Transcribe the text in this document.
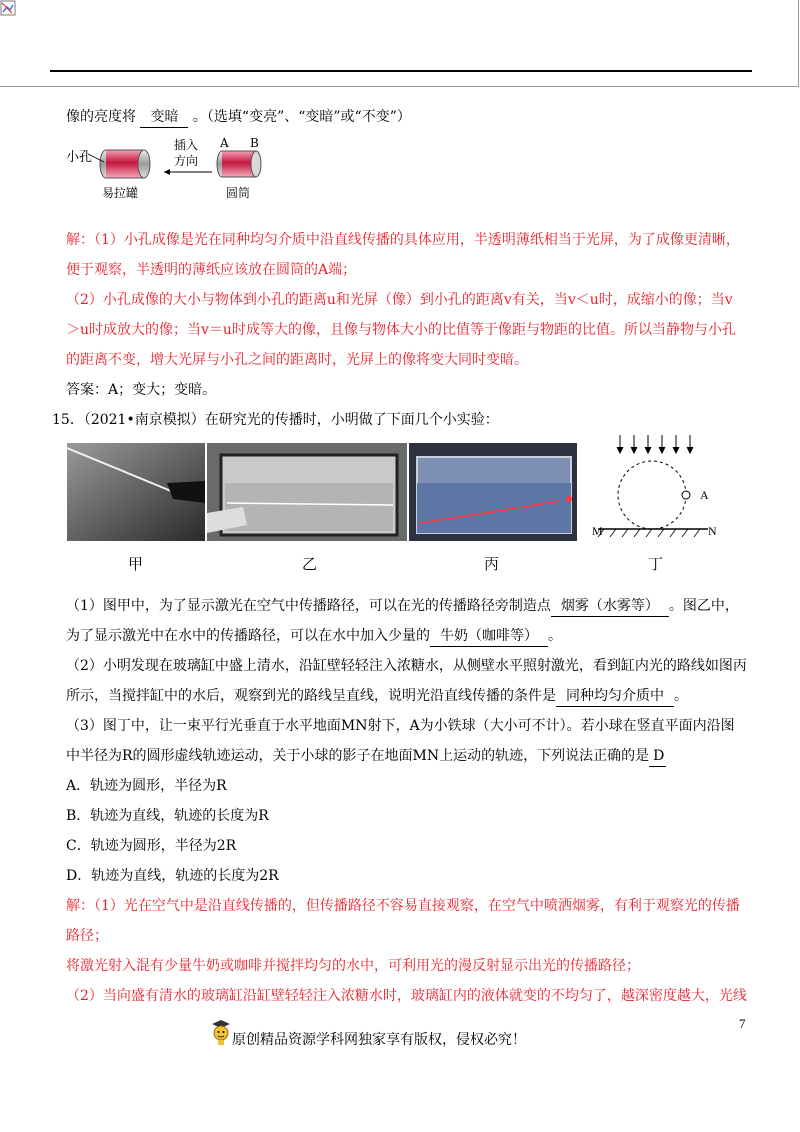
像的亮度将 变暗 。（选填“变亮”、“变暗”或“不变”）
小孔
易拉罐
插入
方向
A B
圆筒
解：（1）小孔成像是光在同种均匀介质中沿直线传播的具体应用，半透明薄纸相当于光屏，为了成像更清晰，
便于观察，半透明的薄纸应该放在圆筒的A端；
（2）小孔成像的大小与物体到小孔的距离u和光屏（像）到小孔的距离v有关，当v＜u时，成缩小的像；当v
＞u时成放大的像；当v＝u时成等大的像，且像与物体大小的比值等于像距与物距的比值。所以当静物与小孔
的距离不变，增大光屏与小孔之间的距离时，光屏上的像将变大同时变暗。
答案：A；变大；变暗。
15．（2021•南京模拟）在研究光的传播时，小明做了下面几个小实验：
A
M	N
甲	乙	丙	丁
（1）图甲中，为了显示激光在空气中传播路径，可以在光的传播路径旁制造点 烟雾（水雾等） 。图乙中，
为了显示激光中在水中的传播路径，可以在水中加入少量的 牛奶（咖啡等） 。
（2）小明发现在玻璃缸中盛上清水，沿缸壁轻轻注入浓糖水，从侧壁水平照射激光，看到缸内光的路线如图丙
所示，当搅拌缸中的水后，观察到光的路线呈直线，说明光沿直线传播的条件是 同种均匀介质中 。
（3）图丁中，让一束平行光垂直于水平地面MN射下，A为小铁球（大小可不计）。若小球在竖直平面内沿图
中半径为R的圆形虚线轨迹运动，关于小球的影子在地面MN上运动的轨迹，下列说法正确的是 D
A．轨迹为圆形，半径为R
B．轨迹为直线，轨迹的长度为R
C．轨迹为圆形，半径为2R
D．轨迹为直线，轨迹的长度为2R
解：（1）光在空气中是沿直线传播的，但传播路径不容易直接观察，在空气中喷洒烟雾，有利于观察光的传播
路径；
将激光射入混有少量牛奶或咖啡并搅拌均匀的水中，可利用光的漫反射显示出光的传播路径；
（2）当向盛有清水的玻璃缸沿缸壁轻轻注入浓糖水时，玻璃缸内的液体就变的不均匀了，越深密度越大，光线
原创精品资源学科网独家享有版权，侵权必究！
7
